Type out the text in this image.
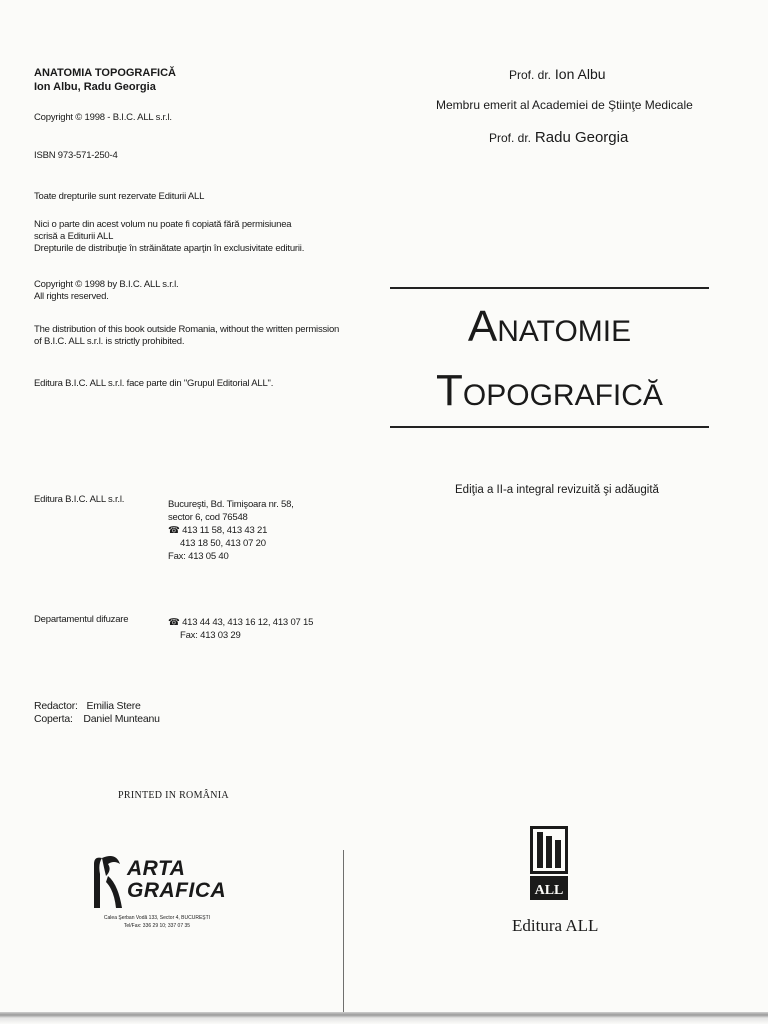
ANATOMIA TOPOGRAFICĂ
Ion Albu, Radu Georgia
Copyright © 1998 - B.I.C. ALL s.r.l.
ISBN 973-571-250-4
Toate drepturile sunt rezervate Editurii ALL
Nici o parte din acest volum nu poate fi copiată fără permisiunea
scrisă a Editurii ALL
Drepturile de distribuţie în străinătate aparţin în exclusivitate editurii.
Copyright © 1998 by B.I.C. ALL s.r.l.
All rights reserved.
The distribution of this book outside Romania, without the written permission
of B.I.C. ALL s.r.l. is strictly prohibited.
Editura B.I.C. ALL s.r.l. face parte din "Grupul Editorial ALL".
Editura B.I.C. ALL s.r.l.	Bucureşti, Bd. Timişoara nr. 58,
sector 6, cod 76548
☎ 413 11 58, 413 43 21
413 18 50, 413 07 20
Fax: 413 05 40
Departamentul difuzare	☎ 413 44 43, 413 16 12, 413 07 15
Fax: 413 03 29
Redactor: Emilia Stere
Coperta: Daniel Munteanu
PRINTED IN ROMÂNIA
ARTA
GRAFICA
Calea Şerban Vodă 133, Sector 4, BUCUREŞTI
Tel/Fax: 336 29 10; 337 07 35
Prof. dr. Ion Albu
Membru emerit al Academiei de Ştiinţe Medicale
Prof. dr. Radu Georgia
ANATOMIE
TOPOGRAFICĂ
Ediţia a II-a integral revizuită şi adăugită
ALL
Editura ALL
